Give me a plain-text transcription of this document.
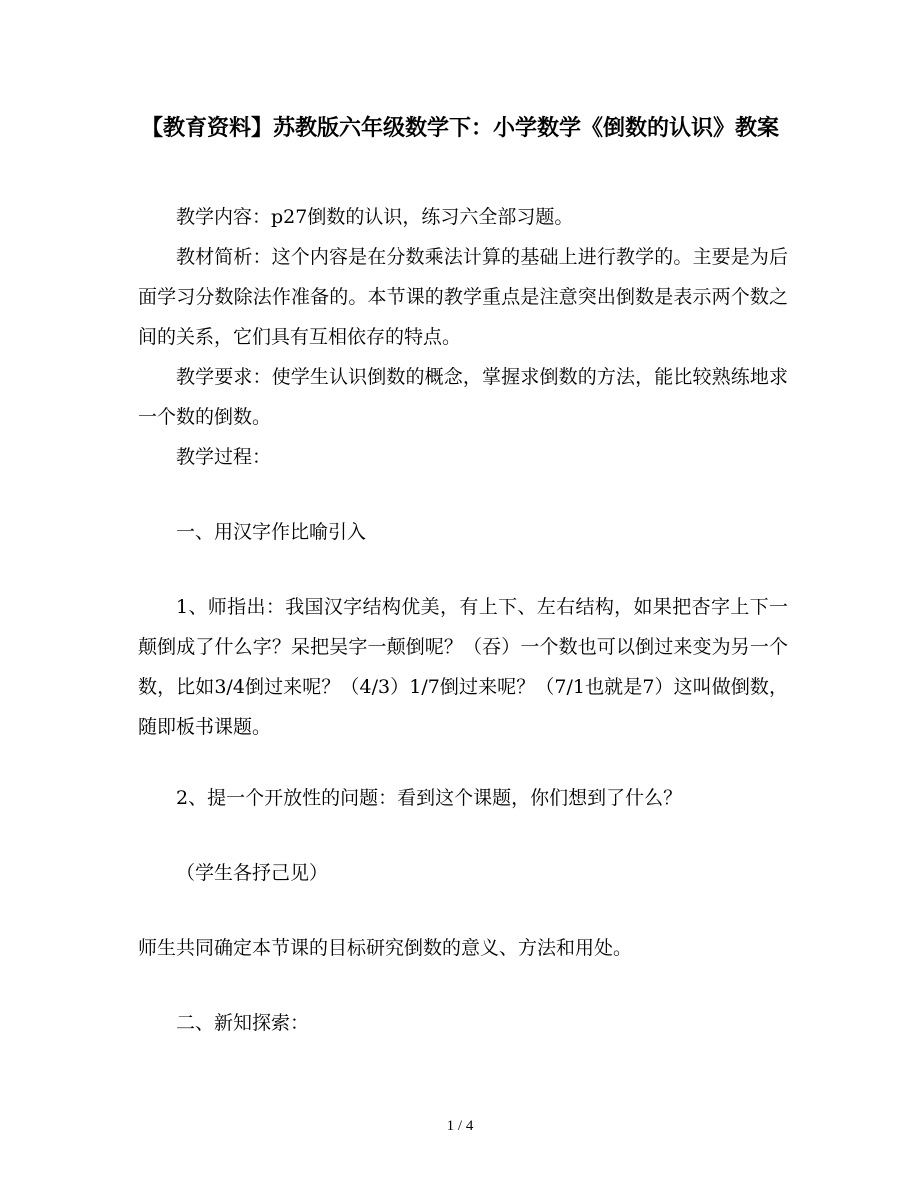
【教育资料】苏教版六年级数学下：小学数学《倒数的认识》教案
教学内容：p27倒数的认识，练习六全部习题。
教材简析：这个内容是在分数乘法计算的基础上进行教学的。主要是为后面学习分数除法作准备的。本节课的教学重点是注意突出倒数是表示两个数之间的关系，它们具有互相依存的特点。
教学要求：使学生认识倒数的概念，掌握求倒数的方法，能比较熟练地求一个数的倒数。
教学过程：
一、用汉字作比喻引入
1、师指出：我国汉字结构优美，有上下、左右结构，如果把杏字上下一颠倒成了什么字？呆把吴字一颠倒呢？（吞）一个数也可以倒过来变为另一个数，比如3/4倒过来呢？（4/3）1/7倒过来呢？（7/1也就是7）这叫做倒数，随即板书课题。
2、提一个开放性的问题：看到这个课题，你们想到了什么？
（学生各抒己见）
师生共同确定本节课的目标研究倒数的意义、方法和用处。
二、新知探索：
1 / 4
